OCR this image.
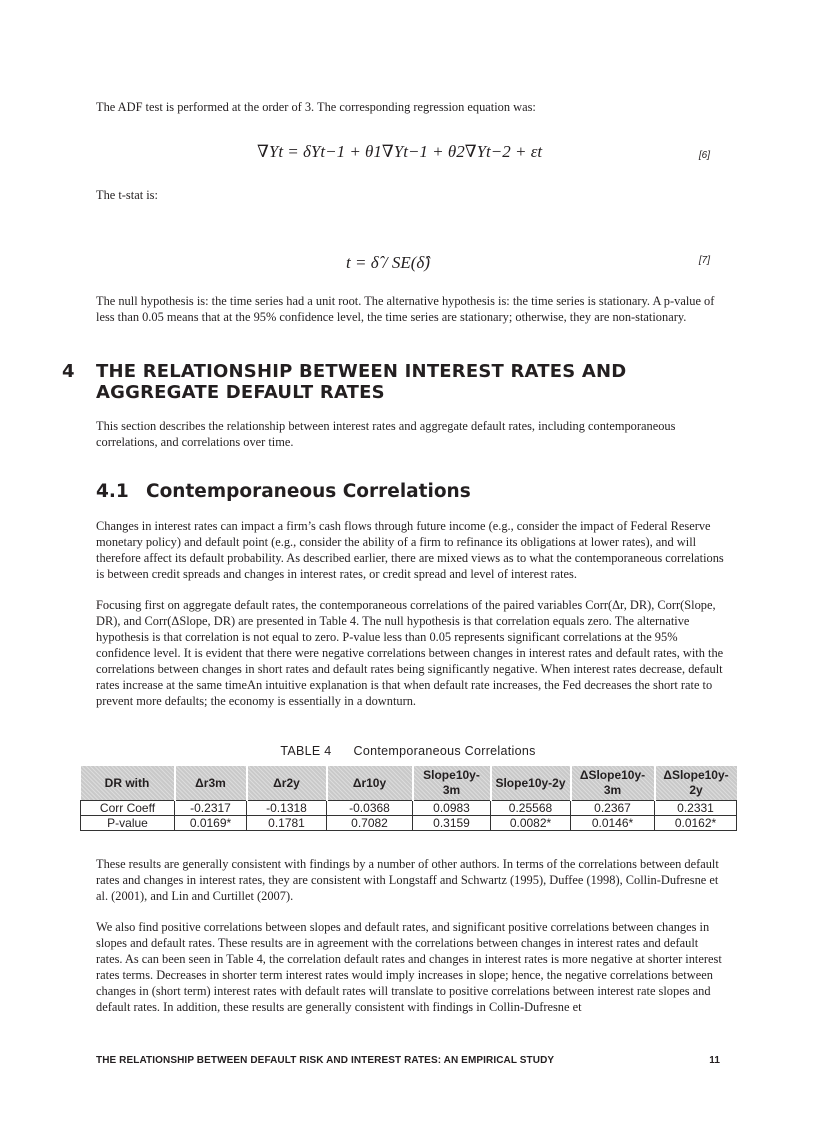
The ADF test is performed at the order of 3. The corresponding regression equation was:
∇Yt = δYt−1 + θ1∇Yt−1 + θ2∇Yt−2 + εt	[6]
The t-stat is:
t = δ̂ / SE(δ̂)	[7]
The null hypothesis is: the time series had a unit root. The alternative hypothesis is: the time series is stationary. A p-value of less than 0.05 means that at the 95% confidence level, the time series are stationary; otherwise, they are non-stationary.
4 THE RELATIONSHIP BETWEEN INTEREST RATES AND AGGREGATE DEFAULT RATES
This section describes the relationship between interest rates and aggregate default rates, including contemporaneous correlations, and correlations over time.
4.1 Contemporaneous Correlations
Changes in interest rates can impact a firm’s cash flows through future income (e.g., consider the impact of Federal Reserve monetary policy) and default point (e.g., consider the ability of a firm to refinance its obligations at lower rates), and will therefore affect its default probability. As described earlier, there are mixed views as to what the contemporaneous correlations is between credit spreads and changes in interest rates, or credit spread and level of interest rates.
Focusing first on aggregate default rates, the contemporaneous correlations of the paired variables Corr(Δr, DR), Corr(Slope, DR), and Corr(ΔSlope, DR) are presented in Table 4. The null hypothesis is that correlation equals zero. The alternative hypothesis is that correlation is not equal to zero. P-value less than 0.05 represents significant correlations at the 95% confidence level. It is evident that there were negative correlations between changes in interest rates and default rates, with the correlations between changes in short rates and default rates being significantly negative. When interest rates decrease, default rates increase at the same timeAn intuitive explanation is that when default rate increases, the Fed decreases the short rate to prevent more defaults; the economy is essentially in a downturn.
TABLE 4 Contemporaneous Correlations
DR with	Δr3m	Δr2y	Δr10y	Slope10y-3m	Slope10y-2y	ΔSlope10y-3m	ΔSlope10y-2y
Corr Coeff	-0.2317	-0.1318	-0.0368	0.0983	0.25568	0.2367	0.2331
P-value	0.0169*	0.1781	0.7082	0.3159	0.0082*	0.0146*	0.0162*
These results are generally consistent with findings by a number of other authors. In terms of the correlations between default rates and changes in interest rates, they are consistent with Longstaff and Schwartz (1995), Duffee (1998), Collin-Dufresne et al. (2001), and Lin and Curtillet (2007).
We also find positive correlations between slopes and default rates, and significant positive correlations between changes in slopes and default rates. These results are in agreement with the correlations between changes in interest rates and default rates. As can been seen in Table 4, the correlation default rates and changes in interest rates is more negative at shorter interest rates terms. Decreases in shorter term interest rates would imply increases in slope; hence, the negative correlations between changes in (short term) interest rates with default rates will translate to positive correlations between interest rate slopes and default rates. In addition, these results are generally consistent with findings in Collin-Dufresne et
THE RELATIONSHIP BETWEEN DEFAULT RISK AND INTEREST RATES: AN EMPIRICAL STUDY	11
